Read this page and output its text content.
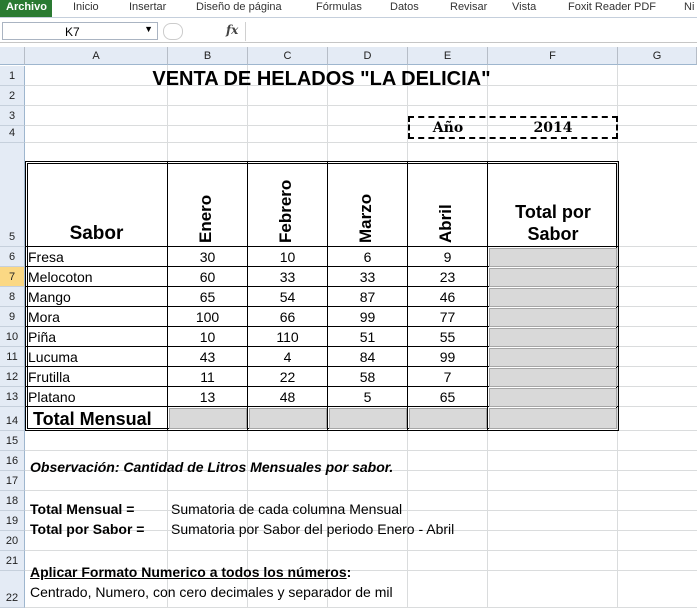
Archivo	Inicio	Insertar	Diseño de página	Fórmulas	Datos	Revisar Vista	Foxit Reader PDF	Ni
K7	▼	fx
A	B	C	D	E	F	G
1
2
3
4
5
6
7
8
9
10
11
12
13
14
15
16
17
18
19
20
21
22
VENTA DE HELADOS "LA DELICIA"
Año	2014
Sabor	Enero	Febrero	Marzo	Abril	Total por
Sabor
Fresa	30	10	6	9
Melocoton	60	33	33	23
Mango	65	54	87	46
Mora	100	66	99	77
Piña	10	110	51	55
Lucuma	43	4	84	99
Frutilla	11	22	58	7
Platano	13	48	5	65
Total Mensual
Observación: Cantidad de Litros Mensuales por sabor.
Total Mensual =	Sumatoria de cada columna Mensual
Total por Sabor = Sumatoria por Sabor del periodo Enero - Abril
Aplicar Formato Numerico a todos los números:
Centrado, Numero, con cero decimales y separador de mil
